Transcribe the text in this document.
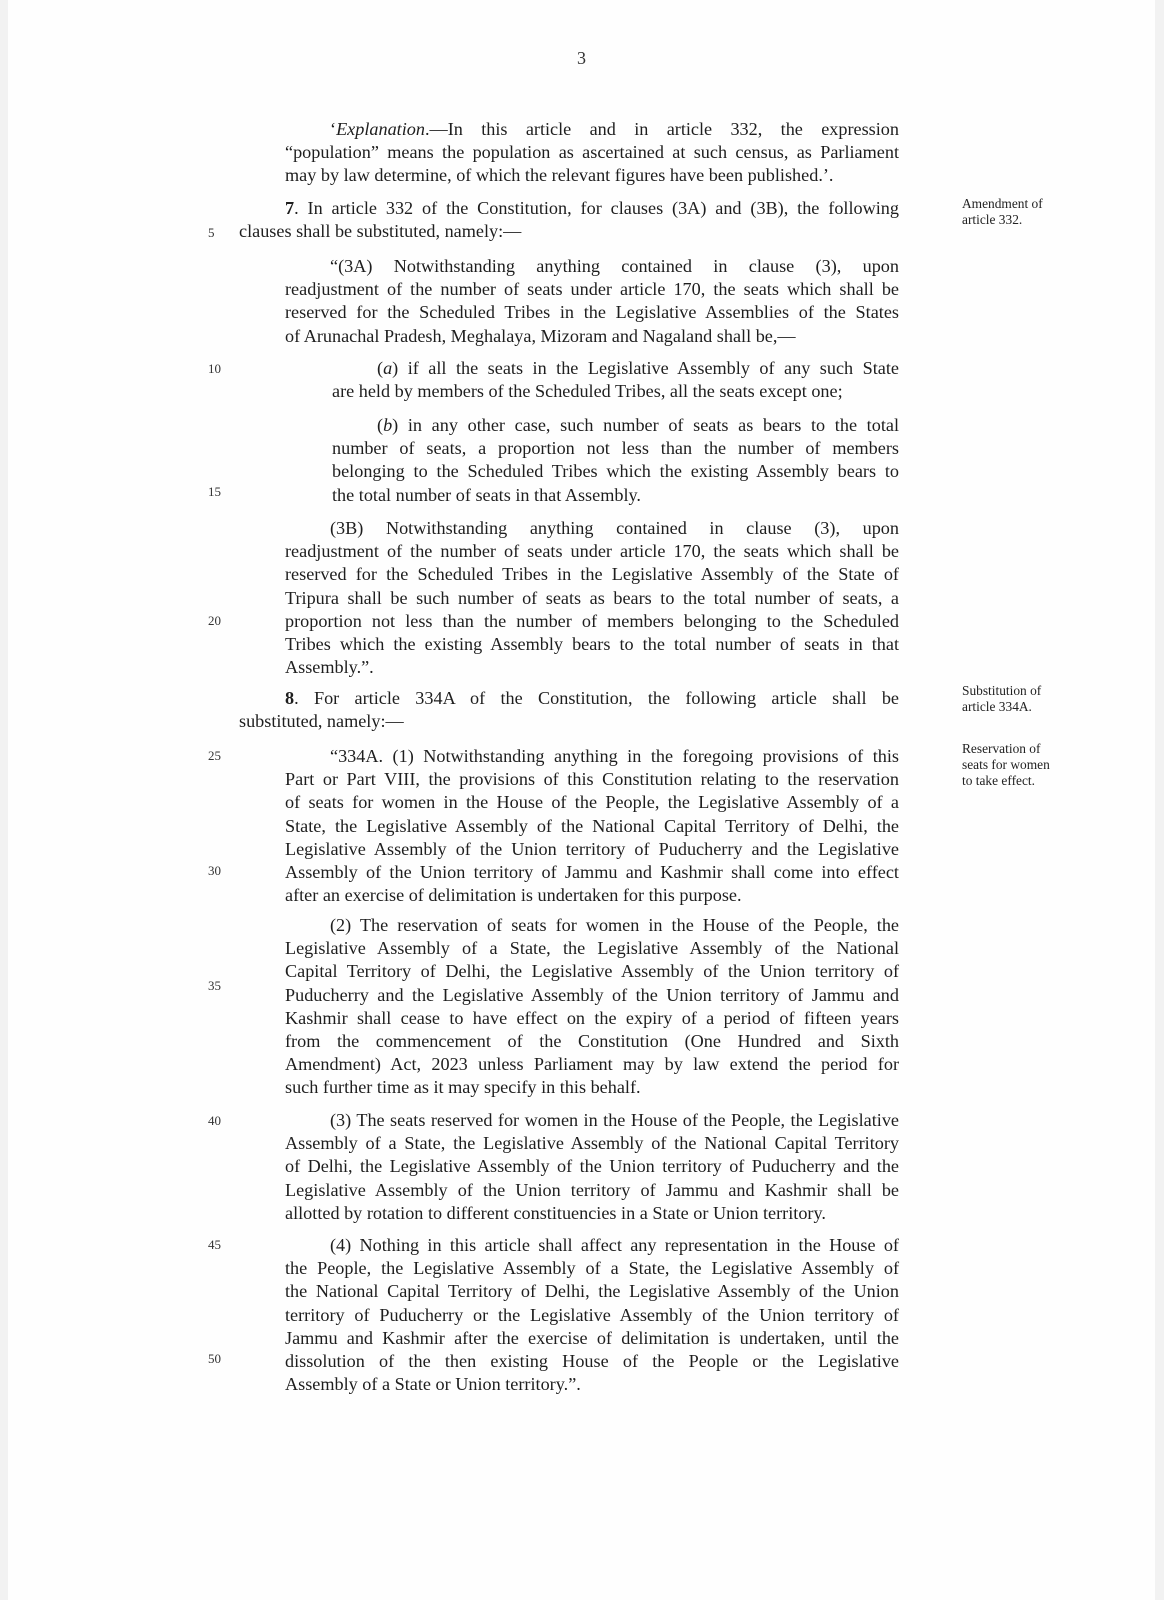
3
5
10
15
20
25
30
35
40
45
50
Amendment of
article 332.
Substitution of
article 334A.
Reservation of
seats for women
to take effect.
‘Explanation.—In this article and in article 332, the expression
“population” means the population as ascertained at such census, as Parliament
may by law determine, of which the relevant figures have been published.’.
7. In article 332 of the Constitution, for clauses (3A) and (3B), the following
clauses shall be substituted, namely:—
“(3A) Notwithstanding anything contained in clause (3), upon
readjustment of the number of seats under article 170, the seats which shall be
reserved for the Scheduled Tribes in the Legislative Assemblies of the States
of Arunachal Pradesh, Meghalaya, Mizoram and Nagaland shall be,—
(a) if all the seats in the Legislative Assembly of any such State
are held by members of the Scheduled Tribes, all the seats except one;
(b) in any other case, such number of seats as bears to the total
number of seats, a proportion not less than the number of members
belonging to the Scheduled Tribes which the existing Assembly bears to
the total number of seats in that Assembly.
(3B) Notwithstanding anything contained in clause (3), upon
readjustment of the number of seats under article 170, the seats which shall be
reserved for the Scheduled Tribes in the Legislative Assembly of the State of
Tripura shall be such number of seats as bears to the total number of seats, a
proportion not less than the number of members belonging to the Scheduled
Tribes which the existing Assembly bears to the total number of seats in that
Assembly.”.
8. For article 334A of the Constitution, the following article shall be
substituted, namely:—
“334A. (1) Notwithstanding anything in the foregoing provisions of this
Part or Part VIII, the provisions of this Constitution relating to the reservation
of seats for women in the House of the People, the Legislative Assembly of a
State, the Legislative Assembly of the National Capital Territory of Delhi, the
Legislative Assembly of the Union territory of Puducherry and the Legislative
Assembly of the Union territory of Jammu and Kashmir shall come into effect
after an exercise of delimitation is undertaken for this purpose.
(2) The reservation of seats for women in the House of the People, the
Legislative Assembly of a State, the Legislative Assembly of the National
Capital Territory of Delhi, the Legislative Assembly of the Union territory of
Puducherry and the Legislative Assembly of the Union territory of Jammu and
Kashmir shall cease to have effect on the expiry of a period of fifteen years
from the commencement of the Constitution (One Hundred and Sixth
Amendment) Act, 2023 unless Parliament may by law extend the period for
such further time as it may specify in this behalf.
(3) The seats reserved for women in the House of the People, the Legislative
Assembly of a State, the Legislative Assembly of the National Capital Territory
of Delhi, the Legislative Assembly of the Union territory of Puducherry and the
Legislative Assembly of the Union territory of Jammu and Kashmir shall be
allotted by rotation to different constituencies in a State or Union territory.
(4) Nothing in this article shall affect any representation in the House of
the People, the Legislative Assembly of a State, the Legislative Assembly of
the National Capital Territory of Delhi, the Legislative Assembly of the Union
territory of Puducherry or the Legislative Assembly of the Union territory of
Jammu and Kashmir after the exercise of delimitation is undertaken, until the
dissolution of the then existing House of the People or the Legislative
Assembly of a State or Union territory.”.
